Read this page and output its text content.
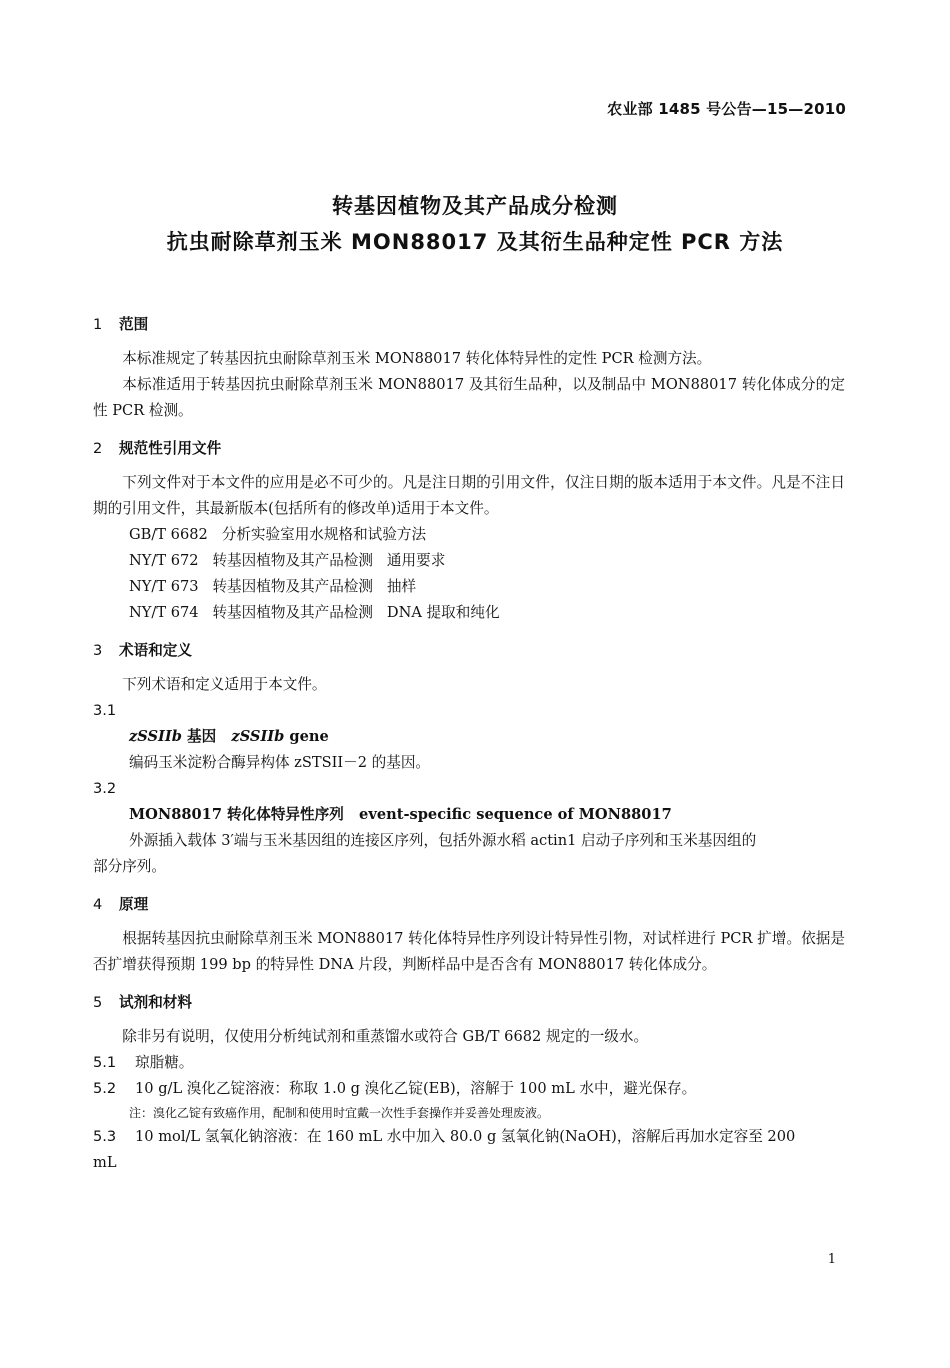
农业部 1485 号公告—15—2010
转基因植物及其产品成分检测
抗虫耐除草剂玉米 MON88017 及其衍生品种定性 PCR 方法
1 范围

本标准规定了转基因抗虫耐除草剂玉米 MON88017 转化体特异性的定性 PCR 检测方法。

本标准适用于转基因抗虫耐除草剂玉米 MON88017 及其衍生品种，以及制品中 MON88017 转化体成分的定性 PCR 检测。

2 规范性引用文件

下列文件对于本文件的应用是必不可少的。凡是注日期的引用文件，仅注日期的版本适用于本文件。凡是不注日期的引用文件，其最新版本(包括所有的修改单)适用于本文件。

GB/T 6682   分析实验室用水规格和试验方法

NY/T 672   转基因植物及其产品检测   通用要求

NY/T 673   转基因植物及其产品检测   抽样

NY/T 674   转基因植物及其产品检测   DNA 提取和纯化

3 术语和定义

下列术语和定义适用于本文件。

3.1

zSSIIb 基因   zSSIIb gene

编码玉米淀粉合酶异构体 zSTSII－2 的基因。

3.2

MON88017 转化体特异性序列   event-specific sequence of MON88017

外源插入载体 3′端与玉米基因组的连接区序列，包括外源水稻 actin1 启动子序列和玉米基因组的

部分序列。

4 原理

根据转基因抗虫耐除草剂玉米 MON88017 转化体特异性序列设计特异性引物，对试样进行 PCR 扩增。依据是否扩增获得预期 199 bp 的特异性 DNA 片段，判断样品中是否含有 MON88017 转化体成分。

5 试剂和材料

除非另有说明，仅使用分析纯试剂和重蒸馏水或符合 GB/T 6682 规定的一级水。

5.1 琼脂糖。

5.2 10 g/L 溴化乙锭溶液：称取 1.0 g 溴化乙锭(EB)，溶解于 100 mL 水中，避光保存。

注：溴化乙锭有致癌作用，配制和使用时宜戴一次性手套操作并妥善处理废液。

5.3 10 mol/L 氢氧化钠溶液：在 160 mL 水中加入 80.0 g 氢氧化钠(NaOH)，溶解后再加水定容至 200

mL

1
